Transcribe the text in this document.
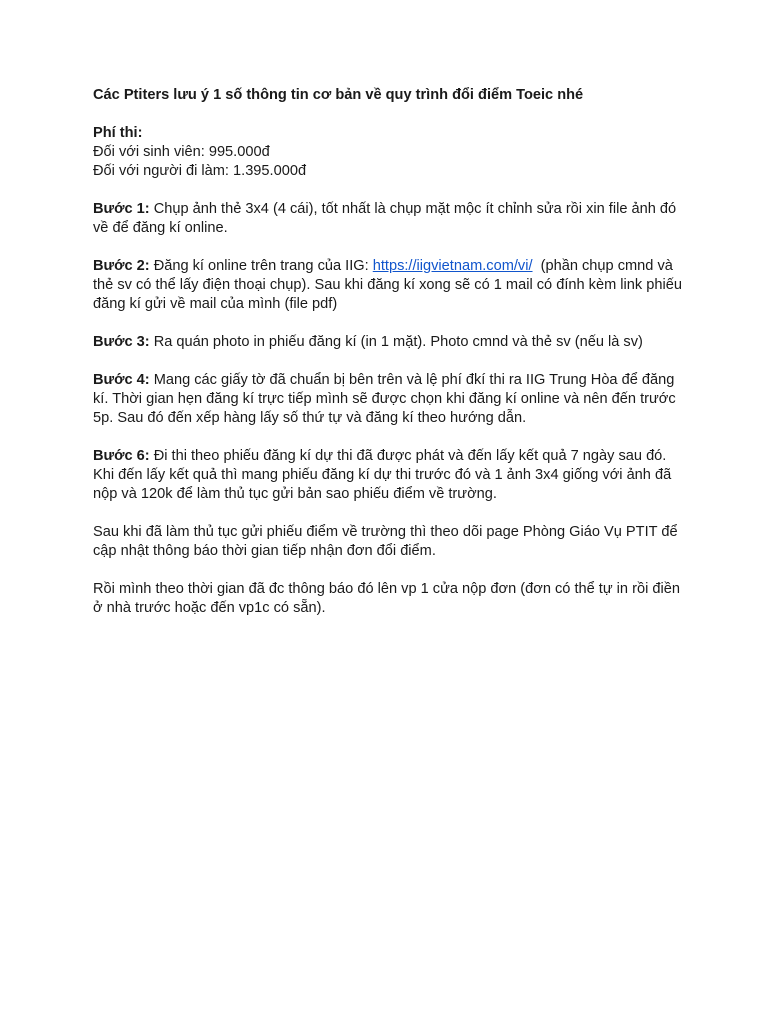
Các Ptiters lưu ý 1 số thông tin cơ bản về quy trình đổi điểm Toeic nhé

Phí thi:

Đối với sinh viên: 995.000đ

Đối với người đi làm: 1.395.000đ

Bước 1: Chụp ảnh thẻ 3x4 (4 cái), tốt nhất là chụp mặt mộc ít chỉnh sửa rồi xin file ảnh đó về để đăng kí online.

Bước 2: Đăng kí online trên trang của IIG: https://iigvietnam.com/vi/  (phần chụp cmnd và thẻ sv có thể lấy điện thoại chụp). Sau khi đăng kí xong sẽ có 1 mail có đính kèm link phiếu đăng kí gửi về mail của mình (file pdf)

Bước 3: Ra quán photo in phiếu đăng kí (in 1 mặt). Photo cmnd và thẻ sv (nếu là sv)

Bước 4: Mang các giấy tờ đã chuẩn bị bên trên và lệ phí đkí thi ra IIG Trung Hòa để đăng kí. Thời gian hẹn đăng kí trực tiếp mình sẽ được chọn khi đăng kí online và nên đến trước 5p. Sau đó đến xếp hàng lấy số thứ tự và đăng kí theo hướng dẫn.

Bước 6: Đi thi theo phiếu đăng kí dự thi đã được phát và đến lấy kết quả 7 ngày sau đó. Khi đến lấy kết quả thì mang phiếu đăng kí dự thi trước đó và 1 ảnh 3x4 giống với ảnh đã nộp và 120k để làm thủ tục gửi bản sao phiếu điểm về trường.

Sau khi đã làm thủ tục gửi phiếu điểm về trường thì theo dõi page Phòng Giáo Vụ PTIT để cập nhật thông báo thời gian tiếp nhận đơn đổi điểm.

Rồi mình theo thời gian đã đc thông báo đó lên vp 1 cửa nộp đơn (đơn có thể tự in rồi điền ở nhà trước hoặc đến vp1c có sẵn).
